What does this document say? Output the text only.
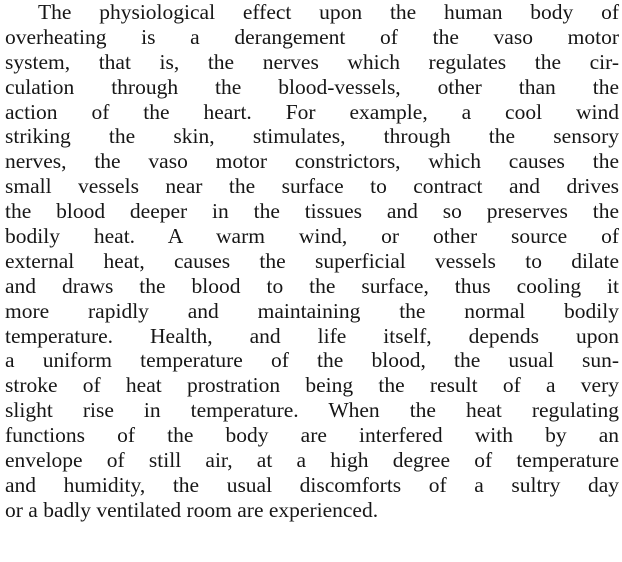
The physiological effect upon the human body of
overheating is a derangement of the vaso motor
system, that is, the nerves which regulates the cir-
culation through the blood-vessels, other than the
action of the heart. For example, a cool wind
striking the skin, stimulates, through the sensory
nerves, the vaso motor constrictors, which causes the
small vessels near the surface to contract and drives
the blood deeper in the tissues and so preserves the
bodily heat. A warm wind, or other source of
external heat, causes the superficial vessels to dilate
and draws the blood to the surface, thus cooling it
more rapidly and maintaining the normal bodily
temperature. Health, and life itself, depends upon
a uniform temperature of the blood, the usual sun-
stroke of heat prostration being the result of a very
slight rise in temperature. When the heat regulating
functions of the body are interfered with by an
envelope of still air, at a high degree of temperature
and humidity, the usual discomforts of a sultry day
or a badly ventilated room are experienced.
